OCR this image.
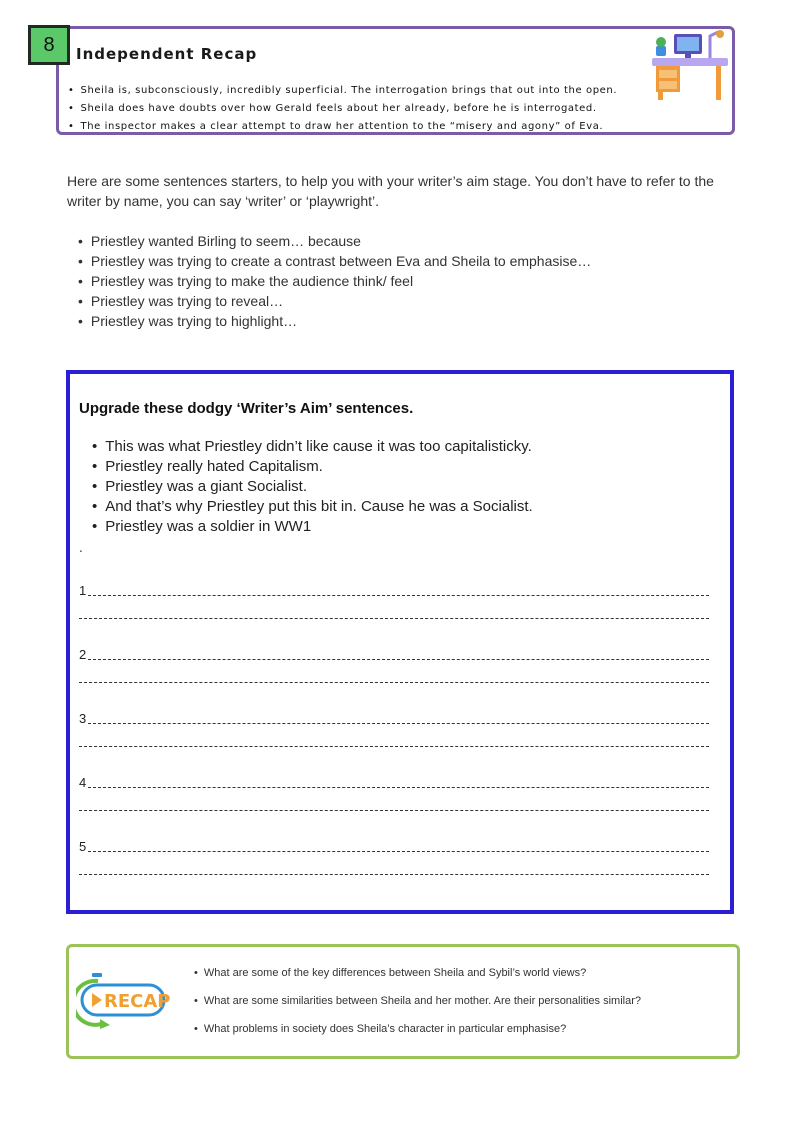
8	Independent Recap
• Sheila is, subconsciously, incredibly superficial. The interrogation brings that out into the open.
• Sheila does have doubts over how Gerald feels about her already, before he is interrogated.
• The inspector makes a clear attempt to draw her attention to the “misery and agony” of Eva.
Here are some sentences starters, to help you with your writer’s aim stage. You don’t have to refer to the writer by name, you can say ‘writer’ or ‘playwright’.
• Priestley wanted Birling to seem… because
• Priestley was trying to create a contrast between Eva and Sheila to emphasise…
• Priestley was trying to make the audience think/ feel
• Priestley was trying to reveal…
• Priestley was trying to highlight…
Upgrade these dodgy ‘Writer’s Aim’ sentences.
• This was what Priestley didn’t like cause it was too capitalisticky.
• Priestley really hated Capitalism.
• Priestley was a giant Socialist.
• And that’s why Priestley put this bit in. Cause he was a Socialist.
• Priestley was a soldier in WW1
.
1
2
3
4
5
RECAP
• What are some of the key differences between Sheila and Sybil’s world views?
• What are some similarities between Sheila and her mother. Are their personalities similar?
• What problems in society does Sheila’s character in particular emphasise?
